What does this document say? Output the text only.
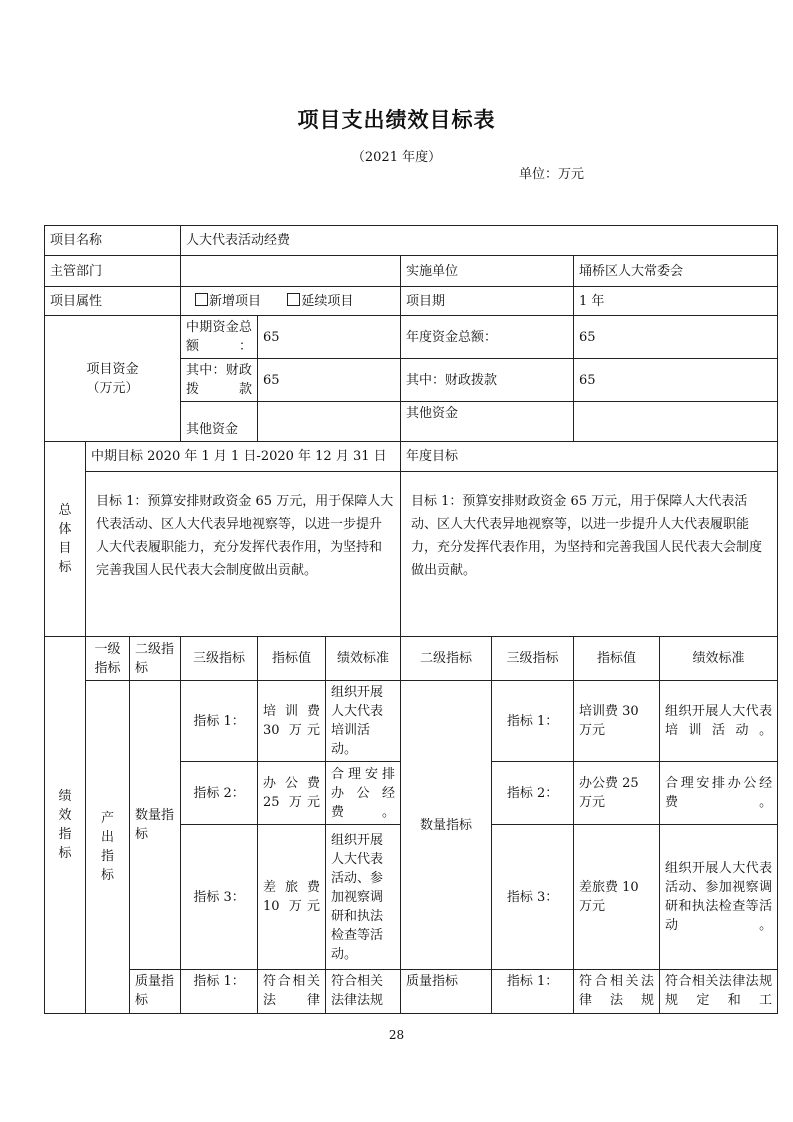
项目支出绩效目标表
（2021 年度）
单位：万元
项目名称			人大代表活动经费						
主管部门						实施单位		埇桥区人大常委会	
项目属性			新增项目 延续项目			项目期		1 年	

项目资金
（万元）			中期资金总额：	65		年度资金总额：		65	
			其中：财政拨款	65		其中：财政拨款		65	
			其他资金			其他资金			

总
体
目
标	中期目标 2020 年 1 月 1 日-2020 年 12 月 31 日					年度目标			
	目标 1：预算安排财政资金 65 万元，用于保障人大代表活动、区人大代表异地视察等，以进一步提升人大代表履职能力，充分发挥代表作用，为坚持和完善我国人民代表大会制度做出贡献。					目标 1：预算安排财政资金 65 万元，用于保障人大代表活动、区人大代表异地视察等，以进一步提升人大代表履职能力，充分发挥代表作用，为坚持和完善我国人民代表大会制度做出贡献。			

绩
效
指
标	一级指标	二级指标	三级指标	指标值	绩效标准	二级指标	三级指标	指标值	绩效标准

	产
出
指
标	数量指标	指标 1：	培训费 30 万元	组织开展人大代表培训活动。	数量指标	指标 1：	培训费 30 万元	组织开展人大代表培训活动。
			指标 2：	办公费 25 万元	合理安排办公经费。		指标 2：	办公费 25 万元	合理安排办公经费。
			指标 3：	差旅费 10 万元	组织开展人大代表活动、参加视察调研和执法检查等活动。		指标 3：	差旅费 10 万元	组织开展人大代表活动、参加视察调研和执法检查等活动。
		质量指标	指标 1：	符合相关法律	符合相关法律法规	质量指标	指标 1：	符合相关法律法规	符合相关法律法规规定和工
28
